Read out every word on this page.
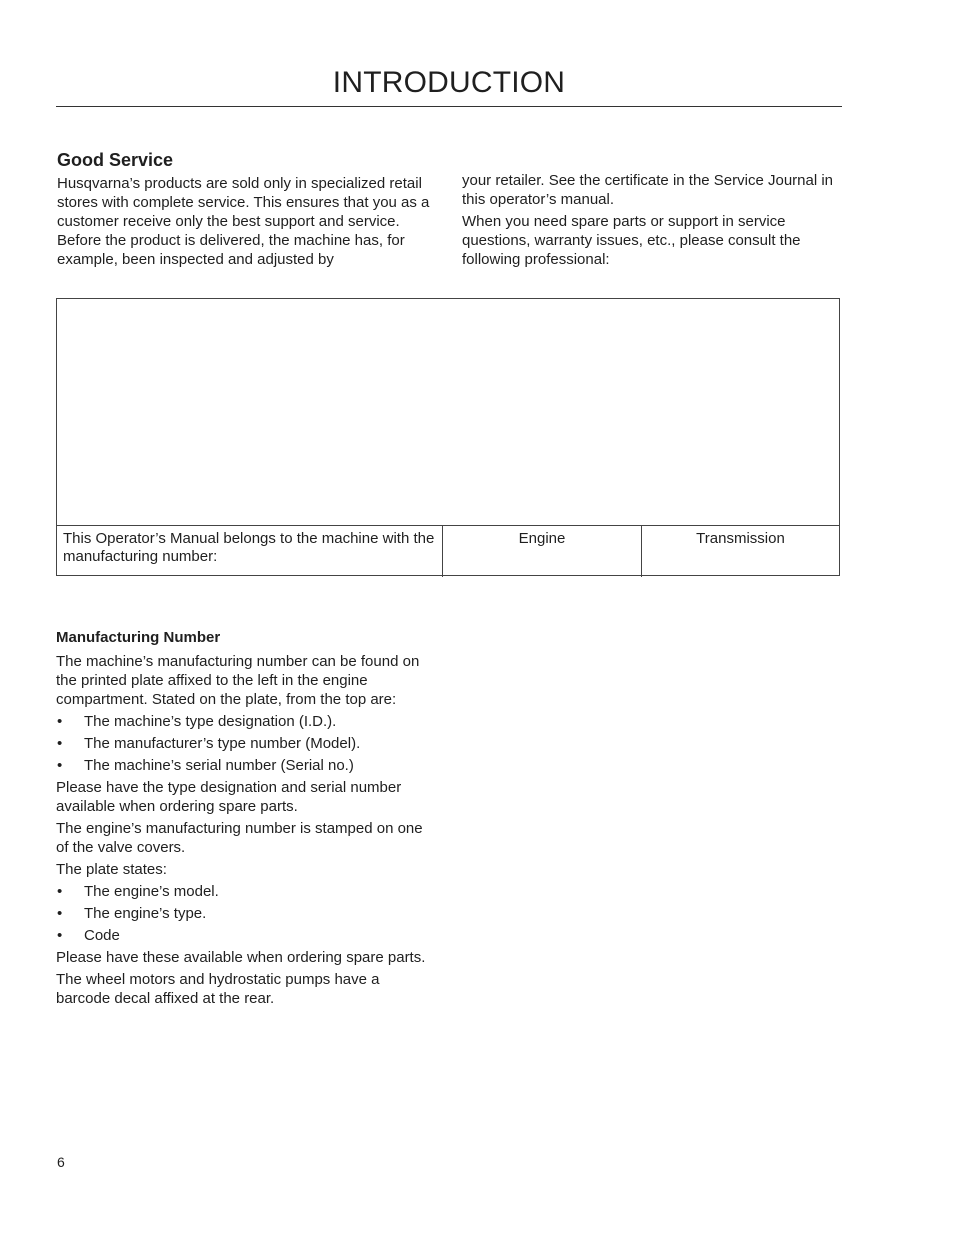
INTRODUCTION
Good Service

Husqvarna’s products are sold only in specialized retail stores with complete service. This ensures that you as a customer receive only the best support and service. Before the product is delivered, the machine has, for example, been inspected and adjusted by

your retailer. See the certificate in the Service Journal in this operator’s manual.

When you need spare parts or support in service questions, warranty issues, etc., please consult the following professional:

This Operator’s Manual belongs to the machine with the manufacturing number:
Engine	Transmission
Manufacturing Number

The machine’s manufacturing number can be found on the printed plate affixed to the left in the engine compartment. Stated on the plate, from the top are:

• The machine’s type designation (I.D.).
• The manufacturer’s type number (Model).
• The machine’s serial number (Serial no.)

Please have the type designation and serial number available when ordering spare parts.

The engine’s manufacturing number is stamped on one of the valve covers.

The plate states:

• The engine’s model.
• The engine’s type.
• Code

Please have these available when ordering spare parts.

The wheel motors and hydrostatic pumps have a barcode decal affixed at the rear.

6
